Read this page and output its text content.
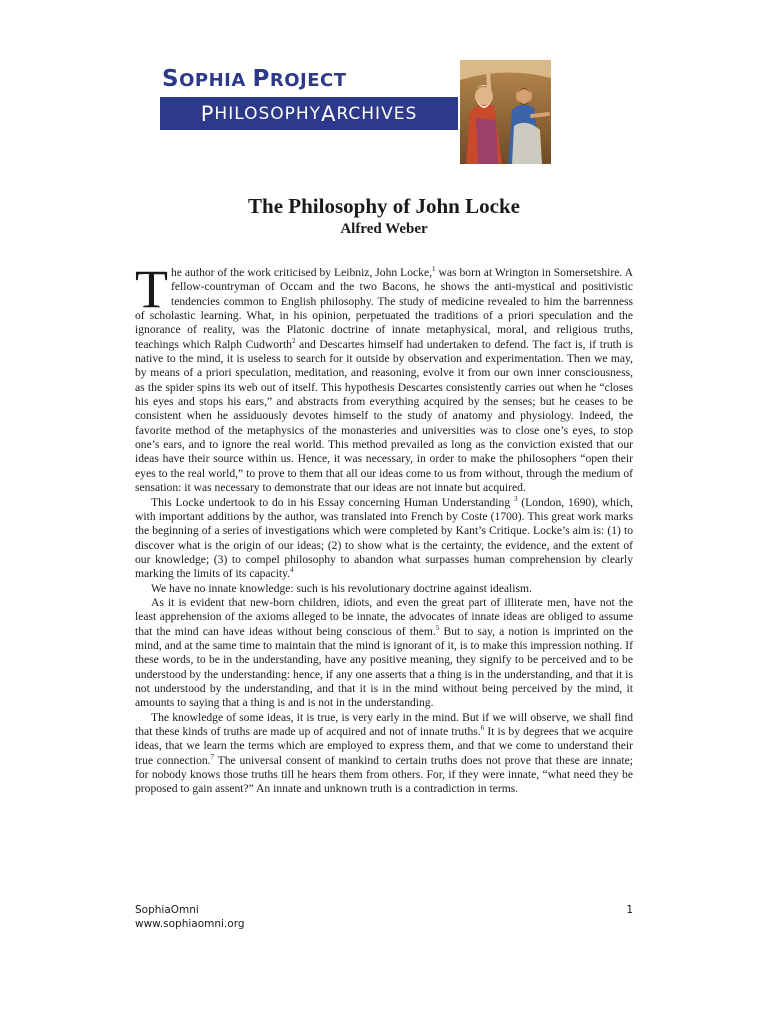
SOPHIA PROJECT
P HILOSOPHY A RCHIVES
The Philosophy of John Locke
Alfred Weber

The author of the work criticised by Leibniz, John Locke,$^1$ was born at Wrington in Somersetshire. A fellow-countryman of Occam and the two Bacons, he shows the anti-mystical and positivistic tendencies common to English philosophy. The study of medicine revealed to him the barrenness of scholastic learning. What, in his opinion, perpetuated the traditions of a priori speculation and the ignorance of reality, was the Platonic doctrine of innate metaphysical, moral, and religious truths, teachings which Ralph Cudworth$^2$ and Descartes himself had undertaken to defend. The fact is, if truth is native to the mind, it is useless to search for it outside by observation and experimentation. Then we may, by means of a priori speculation, meditation, and reasoning, evolve it from our own inner consciousness, as the spider spins its web out of itself. This hypothesis Descartes consistently carries out when he “closes his eyes and stops his ears,” and abstracts from everything acquired by the senses; but he ceases to be consistent when he assiduously devotes himself to the study of anatomy and physiology. Indeed, the favorite method of the metaphysics of the monasteries and universities was to close one’s eyes, to stop one’s ears, and to ignore the real world. This method prevailed as long as the conviction existed that our ideas have their source within us. Hence, it was necessary, in order to make the philosophers “open their eyes to the real world,” to prove to them that all our ideas come to us from without, through the medium of sensation: it was necessary to demonstrate that our ideas are not innate but acquired.

This Locke undertook to do in his Essay concerning Human Understanding $^3$ (London, 1690), which, with important additions by the author, was translated into French by Coste (1700). This great work marks the beginning of a series of investigations which were completed by Kant’s Critique. Locke’s aim is: (1) to discover what is the origin of our ideas; (2) to show what is the certainty, the evidence, and the extent of our knowledge; (3) to compel philosophy to abandon what surpasses human comprehension by clearly marking the limits of its capacity.$^4$

We have no innate knowledge: such is his revolutionary doctrine against idealism.

As it is evident that new-born children, idiots, and even the great part of illiterate men, have not the least apprehension of the axioms alleged to be innate, the advocates of innate ideas are obliged to assume that the mind can have ideas without being conscious of them.$^5$ But to say, a notion is imprinted on the mind, and at the same time to maintain that the mind is ignorant of it, is to make this impression nothing. If these words, to be in the understanding, have any positive meaning, they signify to be perceived and to be understood by the understanding: hence, if any one asserts that a thing is in the understanding, and that it is not understood by the understanding, and that it is in the mind without being perceived by the mind, it amounts to saying that a thing is and is not in the understanding.

The knowledge of some ideas, it is true, is very early in the mind. But if we will observe, we shall find that these kinds of truths are made up of acquired and not of innate truths.$^6$ It is by degrees that we acquire ideas, that we learn the terms which are employed to express them, and that we come to understand their true connection.$^7$ The universal consent of mankind to certain truths does not prove that these are innate; for nobody knows those truths till he hears them from others. For, if they were innate, “what need they be proposed to gain assent?” An innate and unknown truth is a contradiction in terms.

SophiaOmni
www.sophiaomni.org
1
